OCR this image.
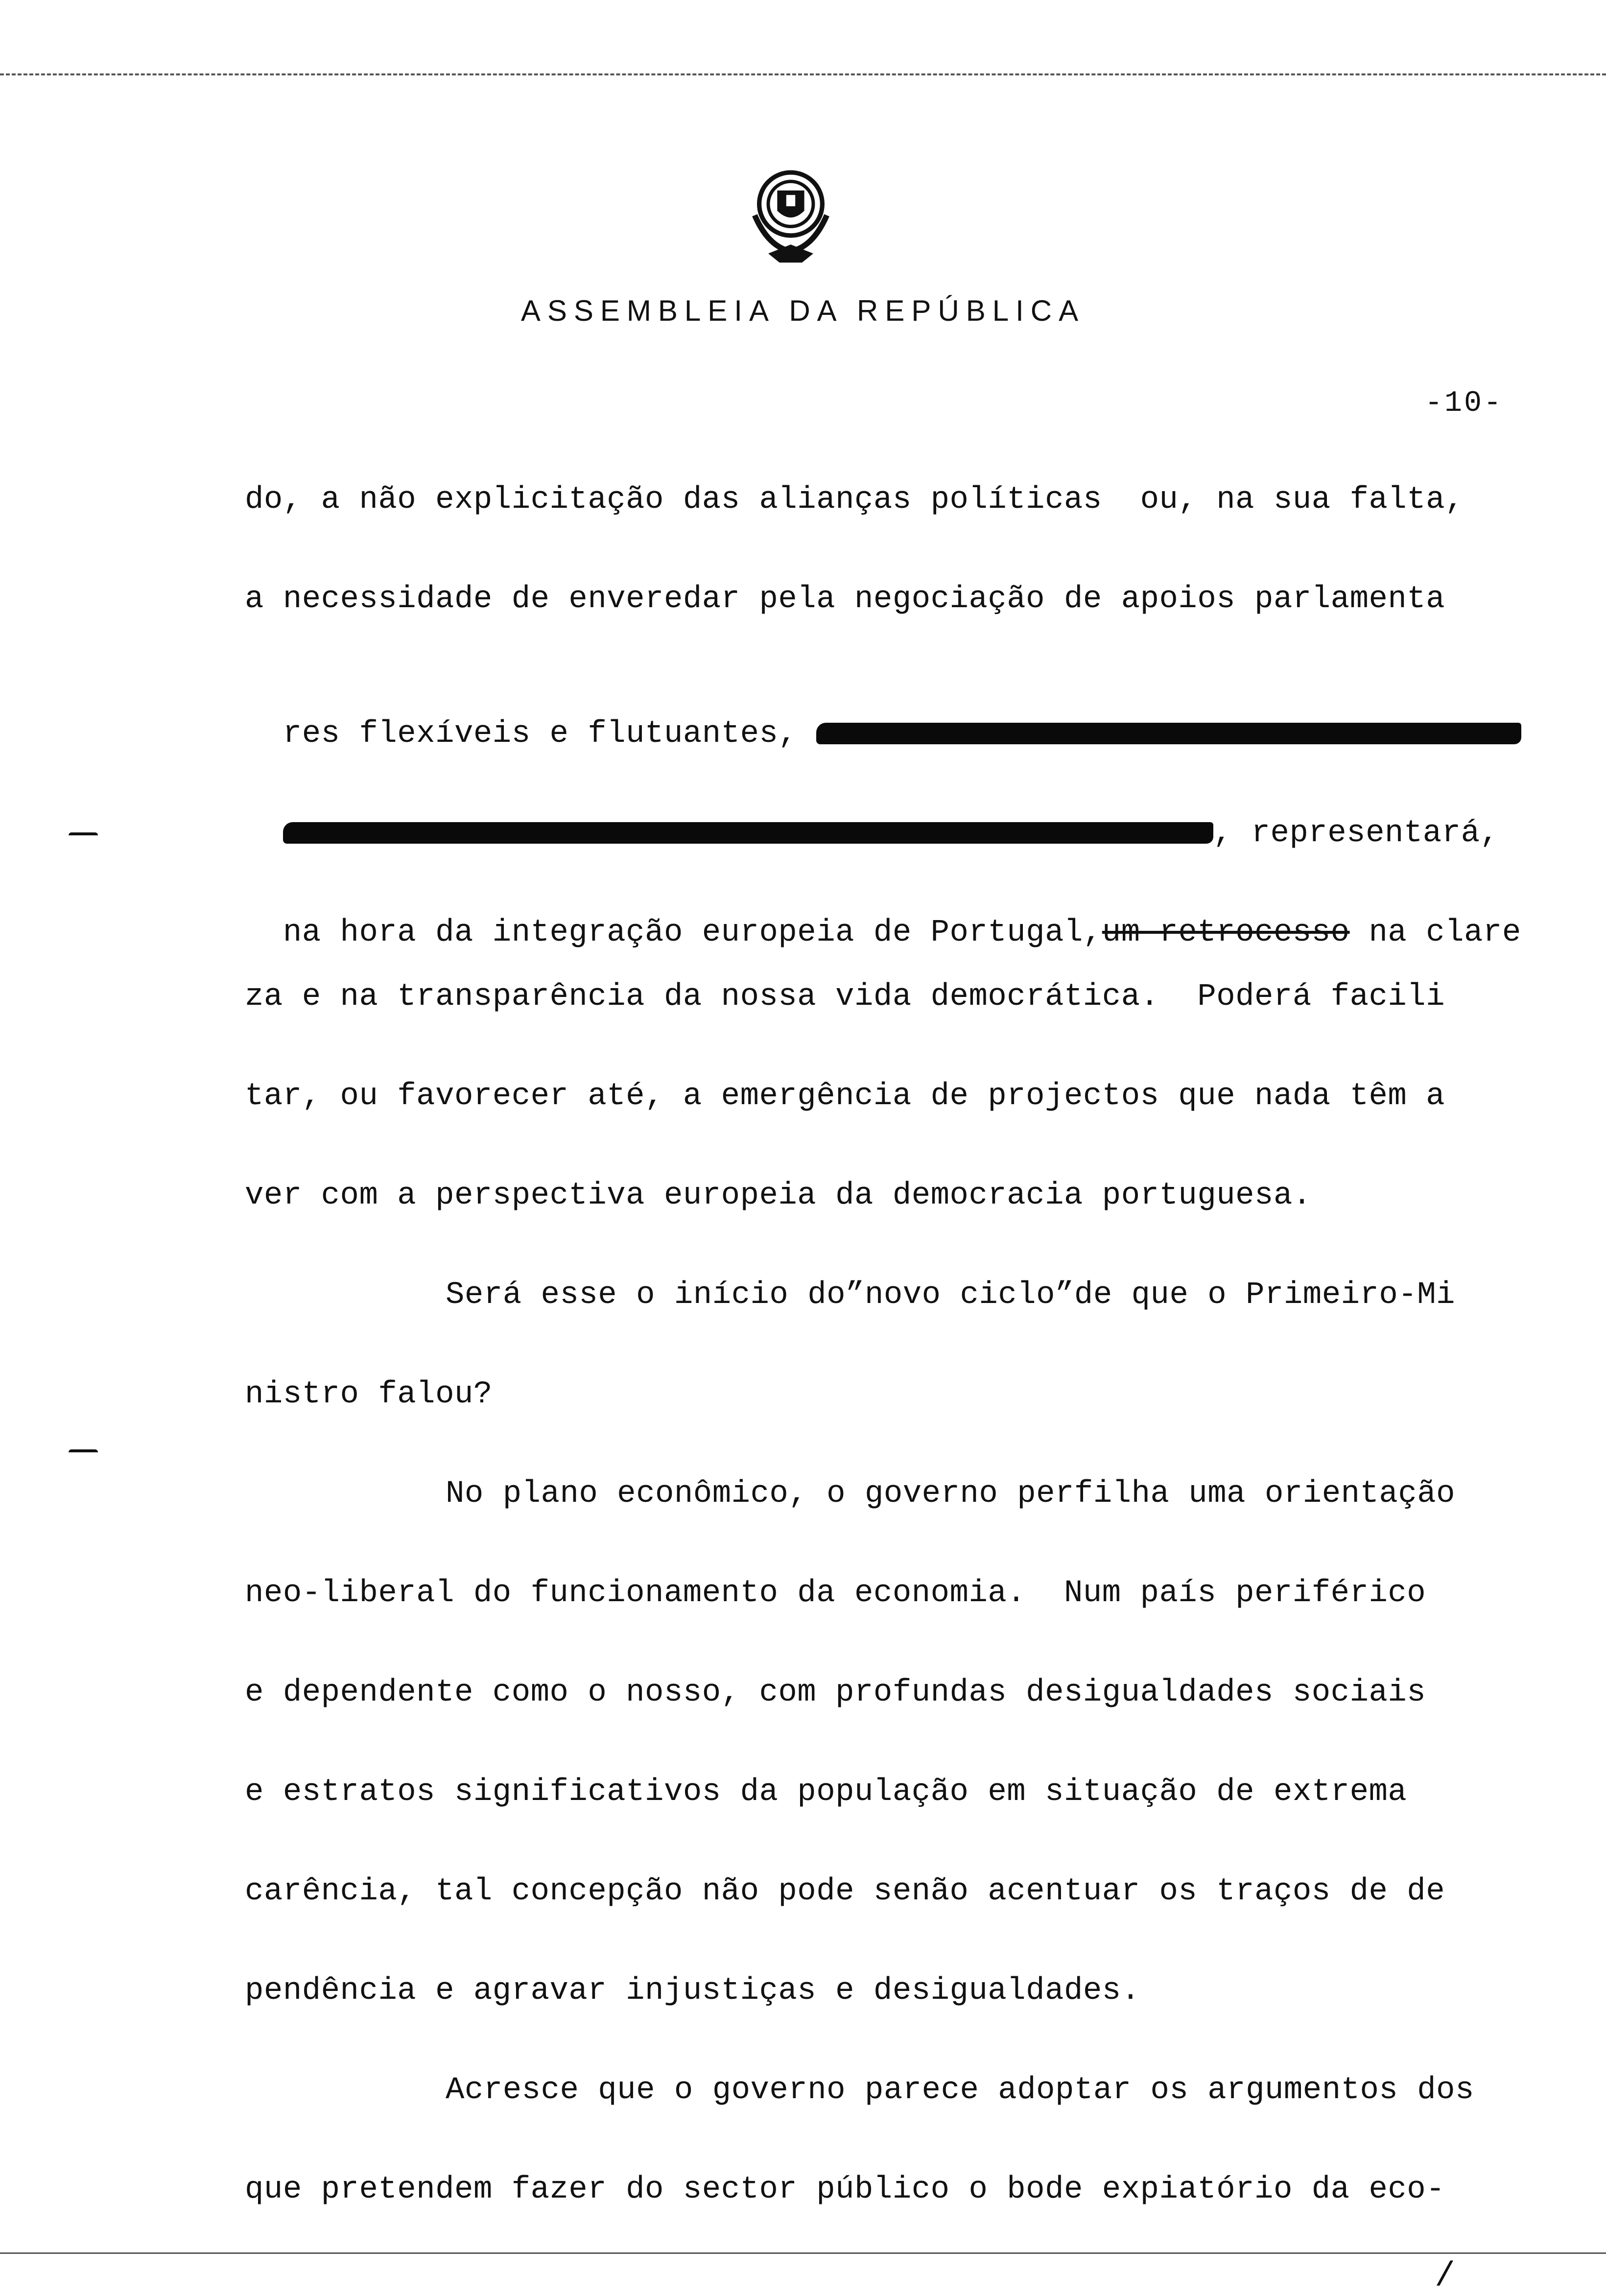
ASSEMBLEIA DA REPÚBLICA
-10-
do, a não explicitação das alianças políticas  ou, na sua falta,
a necessidade de enveredar pela negociação de apoios parlamenta

res flexíveis e flutuantes,

, representará,

na hora da integração europeia de Portugal,um retrocesso na clare

za e na transparência da nossa vida democrática.  Poderá facili
tar, ou favorecer até, a emergência de projectos que nada têm a
ver com a perspectiva europeia da democracia portuguesa.
Será esse o início do”novo ciclo”de que o Primeiro-Mi
nistro falou?
No plano econômico, o governo perfilha uma orientação
neo-liberal do funcionamento da economia.  Num país periférico
e dependente como o nosso, com profundas desigualdades sociais
e estratos significativos da população em situação de extrema
carência, tal concepção não pode senão acentuar os traços de de
pendência e agravar injustiças e desigualdades.
Acresce que o governo parece adoptar os argumentos dos
que pretendem fazer do sector público o bode expiatório da eco-
/
